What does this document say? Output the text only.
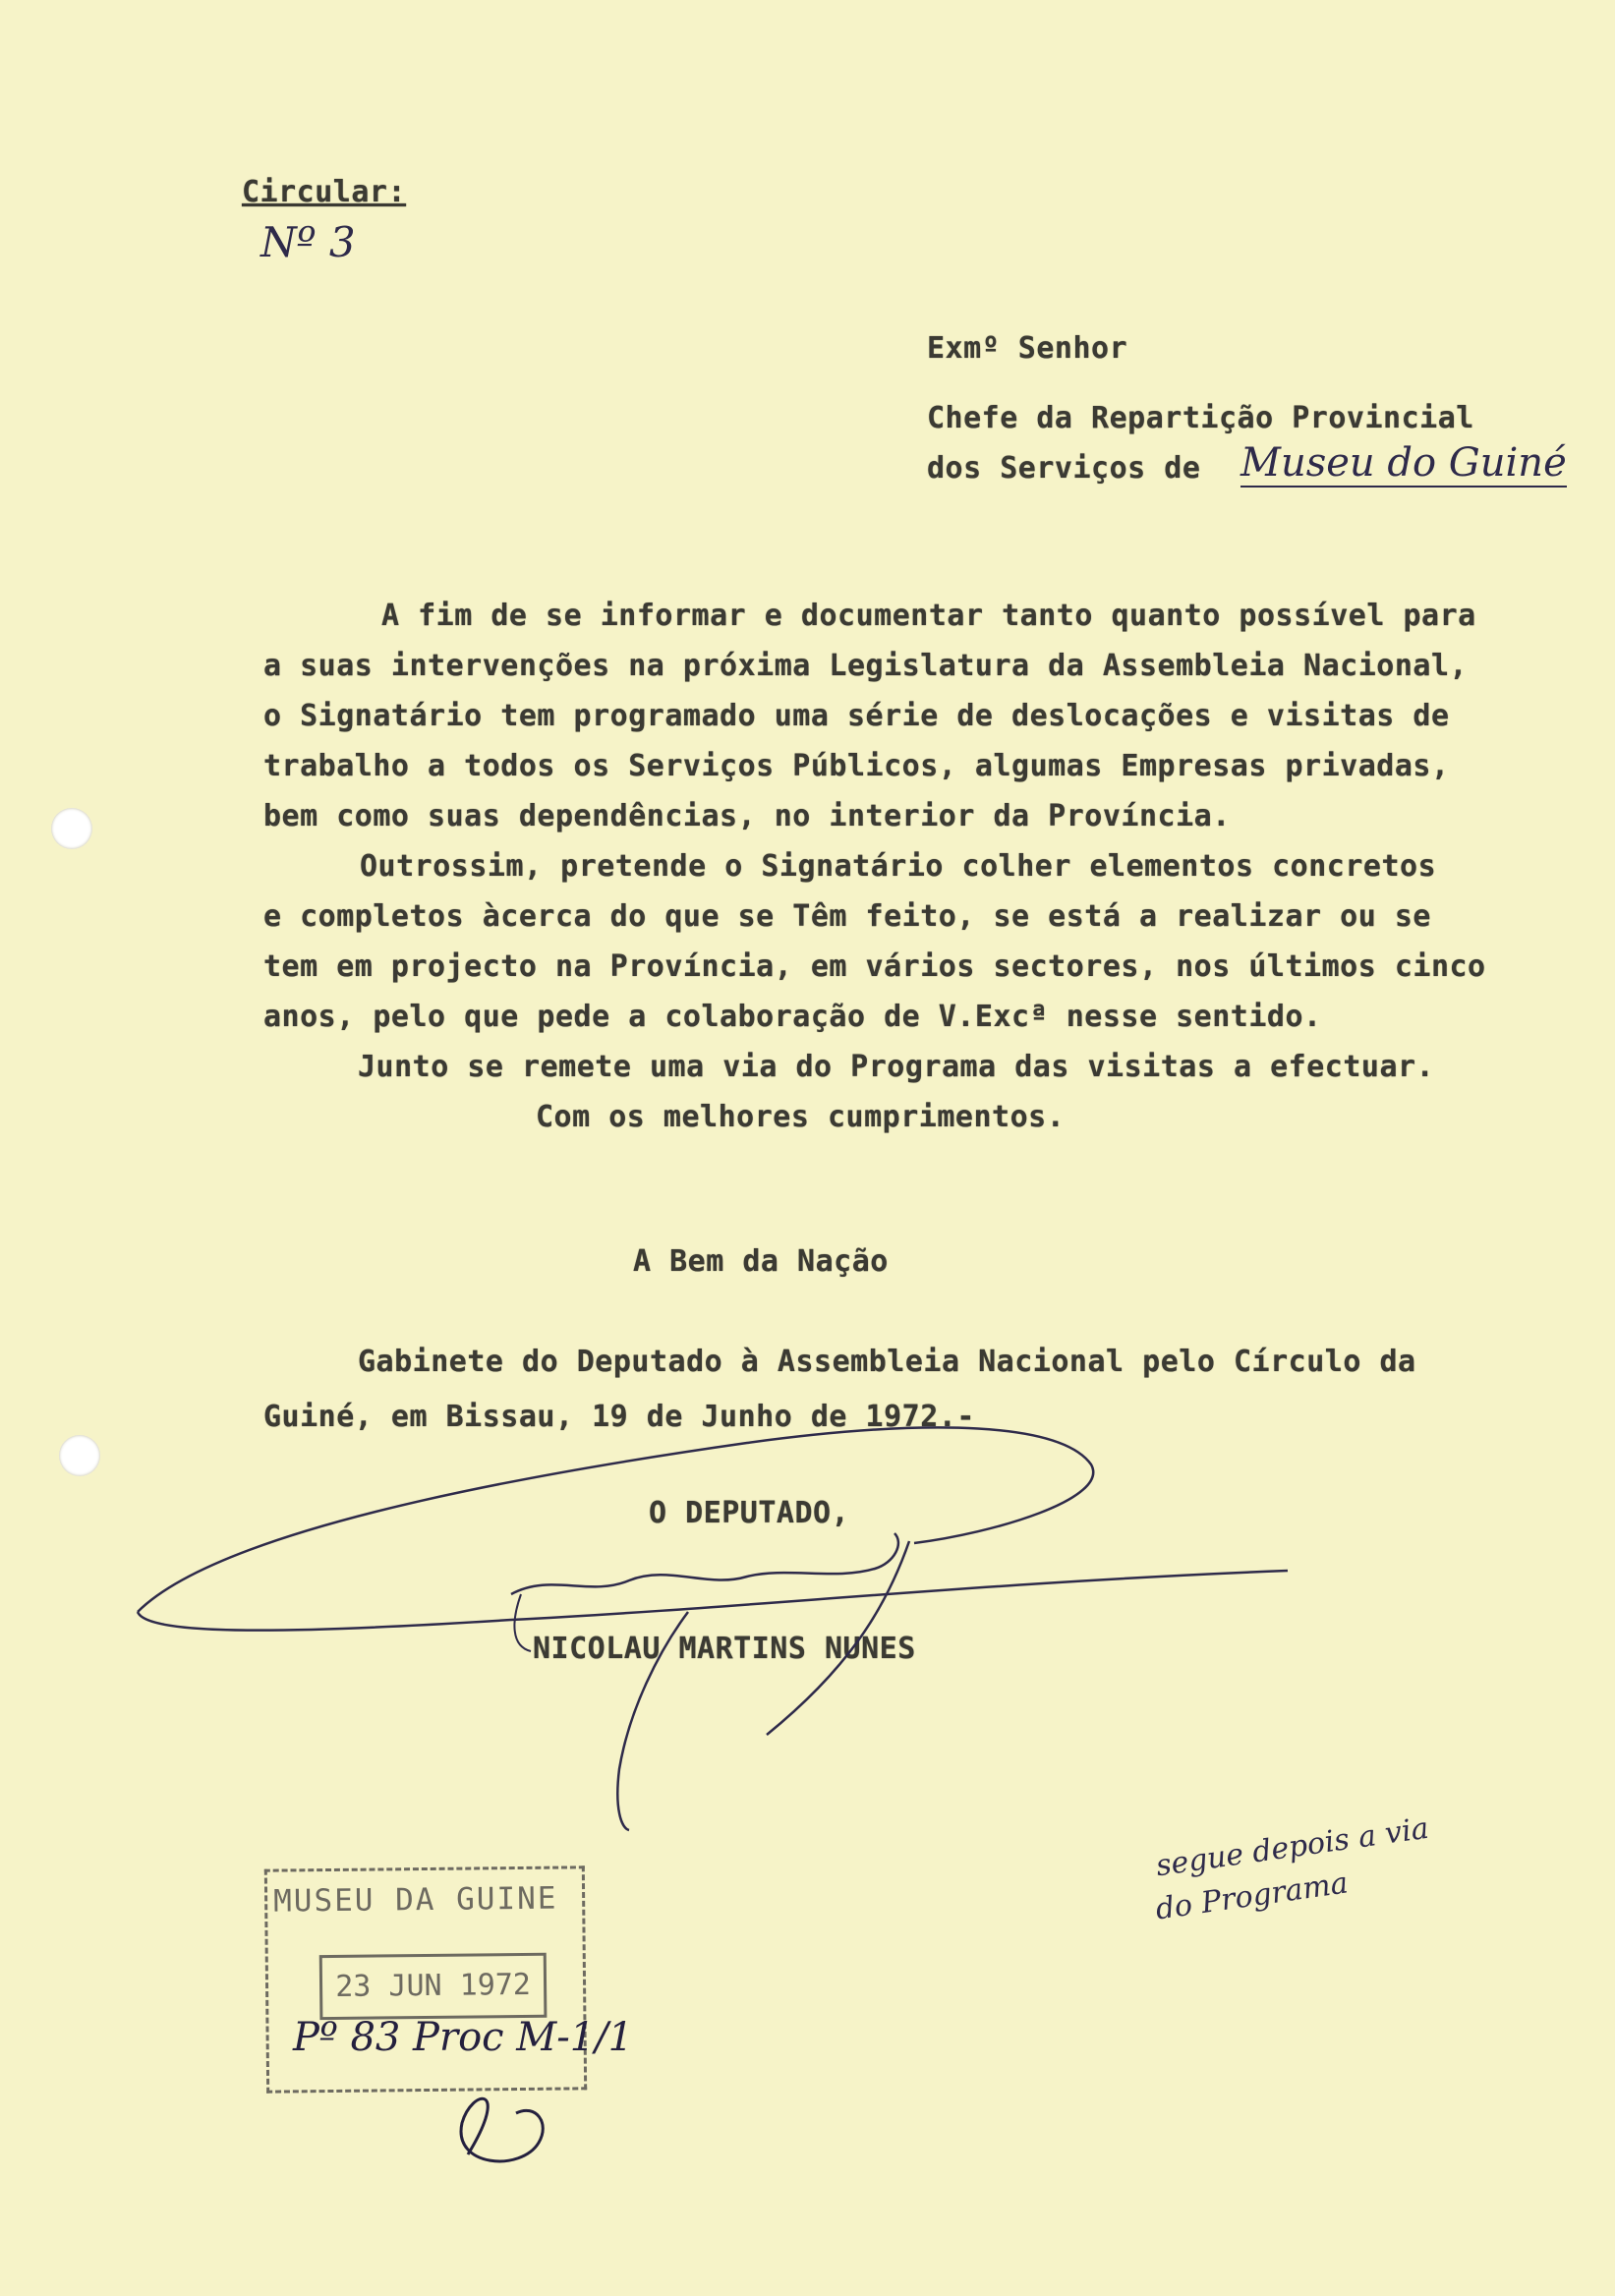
Circular:
Nº 3
Exmº Senhor
Chefe da Repartição Provincial
dos Serviços de Museu do Guiné
A fim de se informar e documentar tanto quanto possível para
a suas intervenções na próxima Legislatura da Assembleia Nacional,
o Signatário tem programado uma série de deslocações e visitas de
trabalho a todos os Serviços Públicos, algumas Empresas privadas,
bem como suas dependências, no interior da Província.
Outrossim, pretende o Signatário colher elementos concretos
e completos àcerca do que se Têm feito, se está a realizar ou se
tem em projecto na Província, em vários sectores, nos últimos cinco
anos, pelo que pede a colaboração de V.Excª nesse sentido.
Junto se remete uma via do Programa das visitas a efectuar.
Com os melhores cumprimentos.
A Bem da Nação
Gabinete do Deputado à Assembleia Nacional pelo Círculo da
Guiné, em Bissau, 19 de Junho de 1972.-
O DEPUTADO,
NICOLAU MARTINS NUNES
MUSEU DA GUINE
23 JUN 1972
Pº 83 Proc M-1/1
segue depois a via
do Programa
